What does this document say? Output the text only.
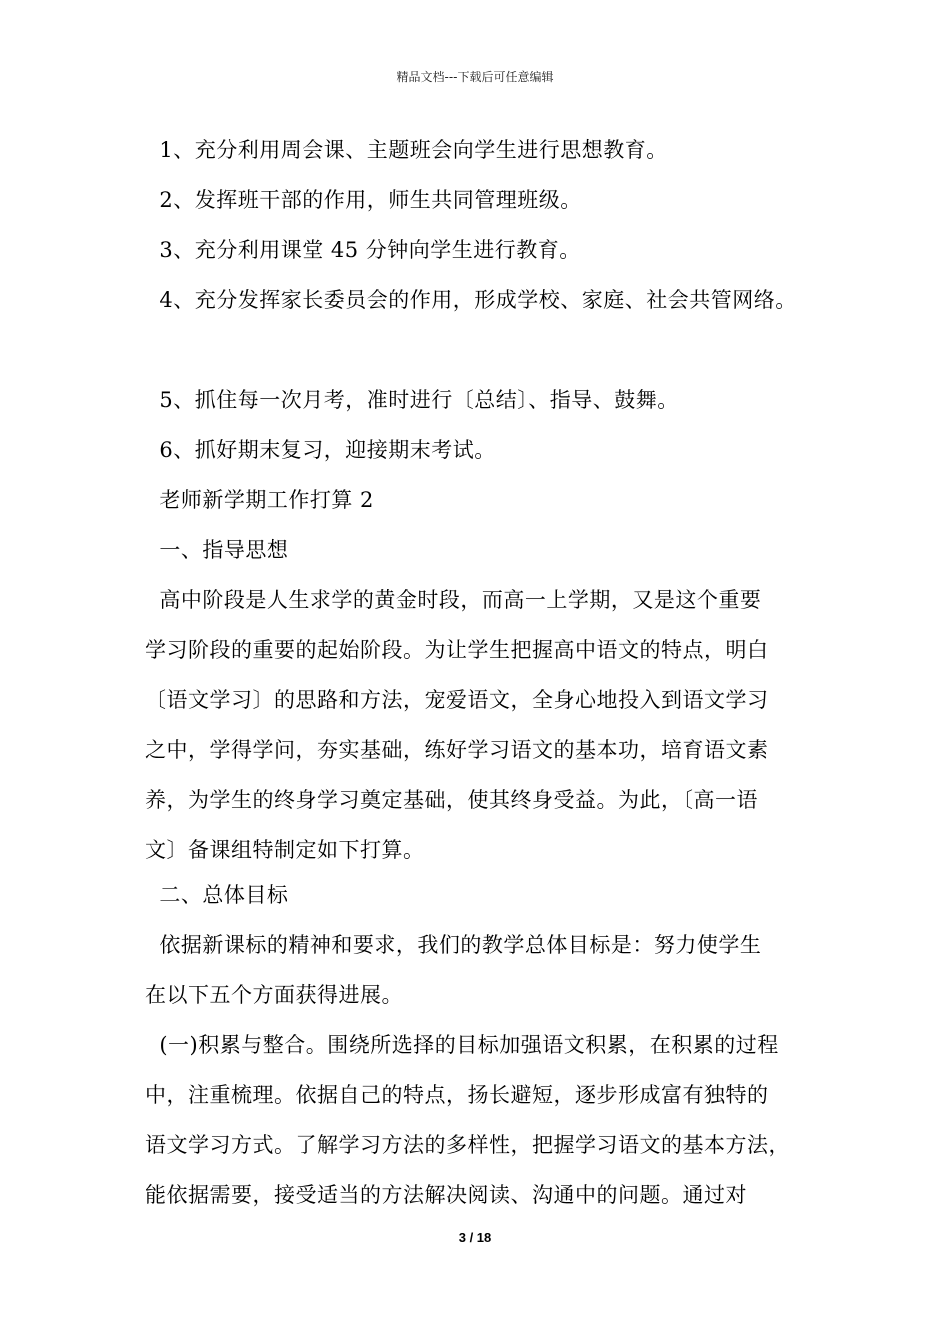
精品文档---下载后可任意编辑
1、充分利用周会课、主题班会向学生进行思想教育。
2、发挥班干部的作用，师生共同管理班级。
3、充分利用课堂 45 分钟向学生进行教育。
4、充分发挥家长委员会的作用，形成学校、家庭、社会共管网络。
5、抓住每一次月考，准时进行〔总结〕、指导、鼓舞。
6、抓好期末复习，迎接期末考试。
老师新学期工作打算 2
一、指导思想
高中阶段是人生求学的黄金时段，而高一上学期，又是这个重要
学习阶段的重要的起始阶段。为让学生把握高中语文的特点，明白
〔语文学习〕的思路和方法，宠爱语文，全身心地投入到语文学习
之中，学得学问，夯实基础，练好学习语文的基本功，培育语文素
养，为学生的终身学习奠定基础，使其终身受益。为此，〔高一语
文〕备课组特制定如下打算。
二、总体目标
依据新课标的精神和要求，我们的教学总体目标是：努力使学生
在以下五个方面获得进展。
(一)积累与整合。围绕所选择的目标加强语文积累，在积累的过程
中，注重梳理。依据自己的特点，扬长避短，逐步形成富有独特的
语文学习方式。了解学习方法的多样性，把握学习语文的基本方法，
能依据需要，接受适当的方法解决阅读、沟通中的问题。通过对
3 / 18
